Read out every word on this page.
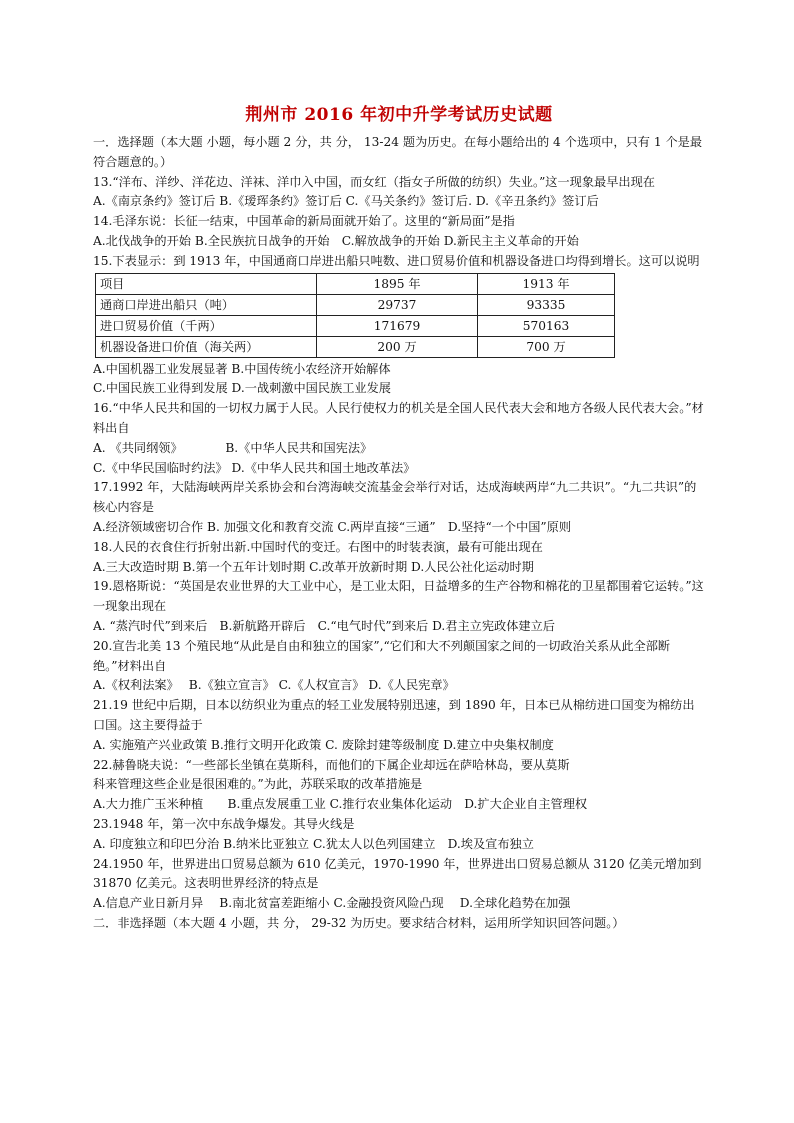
荆州市 2016 年初中升学考试历史试题
一．选择题（本大题 小题，每小题 2 分，共 分， 13-24 题为历史。在每小题给出的 4 个选项中，只有 1 个是最符合题意的。）
13.“洋布、洋纱、洋花边、洋袜、洋巾入中国，而女红（指女子所做的纺织）失业。”这一现象最早出现在
A.《南京条约》签订后 B.《瑷珲条约》签订后 C.《马关条约》签订后. D.《辛丑条约》签订后
14.毛泽东说：长征一结束，中国革命的新局面就开始了。这里的“新局面”是指
A.北伐战争的开始 B.全民族抗日战争的开始　C.解放战争的开始 D.新民主主义革命的开始
15.下表显示：到 1913 年，中国通商口岸进出船只吨数、进口贸易价值和机器设备进口均得到增长。这可以说明
项目	1895 年	1913 年
通商口岸进出船只（吨）	29737	93335
进口贸易价值（千两）	171679	570163
机器设备进口价值（海关两）	200 万	700 万
A.中国机器工业发展显著 B.中国传统小农经济开始解体
C.中国民族工业得到发展 D.一战刺激中国民族工业发展
16.“中华人民共和国的一切权力属于人民。人民行使权力的机关是全国人民代表大会和地方各级人民代表大会。”材料出自
A. 《共同纲领》　　　　B.《中华人民共和国宪法》
C.《中华民国临时约法》 D.《中华人民共和国土地改革法》
17.1992 年，大陆海峡两岸关系协会和台湾海峡交流基金会举行对话，达成海峡两岸“九二共识”。“九二共识”的核心内容是
A.经济领域密切合作 B. 加强文化和教育交流 C.两岸直接“三通”　D.坚持“一个中国”原则
18.人民的衣食住行折射出新.中国时代的变迁。右图中的时装表演，最有可能出现在
A.三大改造时期 B.第一个五年计划时期 C.改革开放新时期 D.人民公社化运动时期
19.恩格斯说：“英国是农业世界的大工业中心，是工业太阳，日益增多的生产谷物和棉花的卫星都围着它运转。”这一现象出现在
A. “蒸汽时代”到来后　B.新航路开辟后　C.“电气时代”到来后 D.君主立宪政体建立后
20.宣告北美 13 个殖民地“从此是自由和独立的国家”,“它们和大不列颠国家之间的一切政治关系从此全部断绝。”材料出自
A.《权利法案》　 B.《独立宣言》 C.《人权宣言》 D.《人民宪章》
21.19 世纪中后期，日本以纺织业为重点的轻工业发展特别迅速，到 1890 年，日本已从棉纺进口国变为棉纺出口国。这主要得益于
A. 实施殖产兴业政策 B.推行文明开化政策 C. 废除封建等级制度 D.建立中央集权制度
22.赫鲁晓夫说：“一些部长坐镇在莫斯科，而他们的下属企业却远在萨哈林岛，要从莫斯
科来管理这些企业是很困难的。”为此，苏联采取的改革措施是
A.大力推广玉米种植　　B.重点发展重工业 C.推行农业集体化运动　D.扩大企业自主管理权
23.1948 年，第一次中东战争爆发。其导火线是
A. 印度独立和印巴分治 B.纳米比亚独立 C.犹太人以色列国建立　D.埃及宣布独立
24.1950 年，世界进出口贸易总额为 610 亿美元，1970-1990 年，世界进出口贸易总额从 3120 亿美元增加到 31870 亿美元。这表明世界经济的特点是
A.信息产业日新月异　 B.南北贫富差距缩小 C.金融投资风险凸现　 D.全球化趋势在加强
二．非选择题（本大题 4 小题，共 分， 29-32 为历史。要求结合材料，运用所学知识回答问题。）
